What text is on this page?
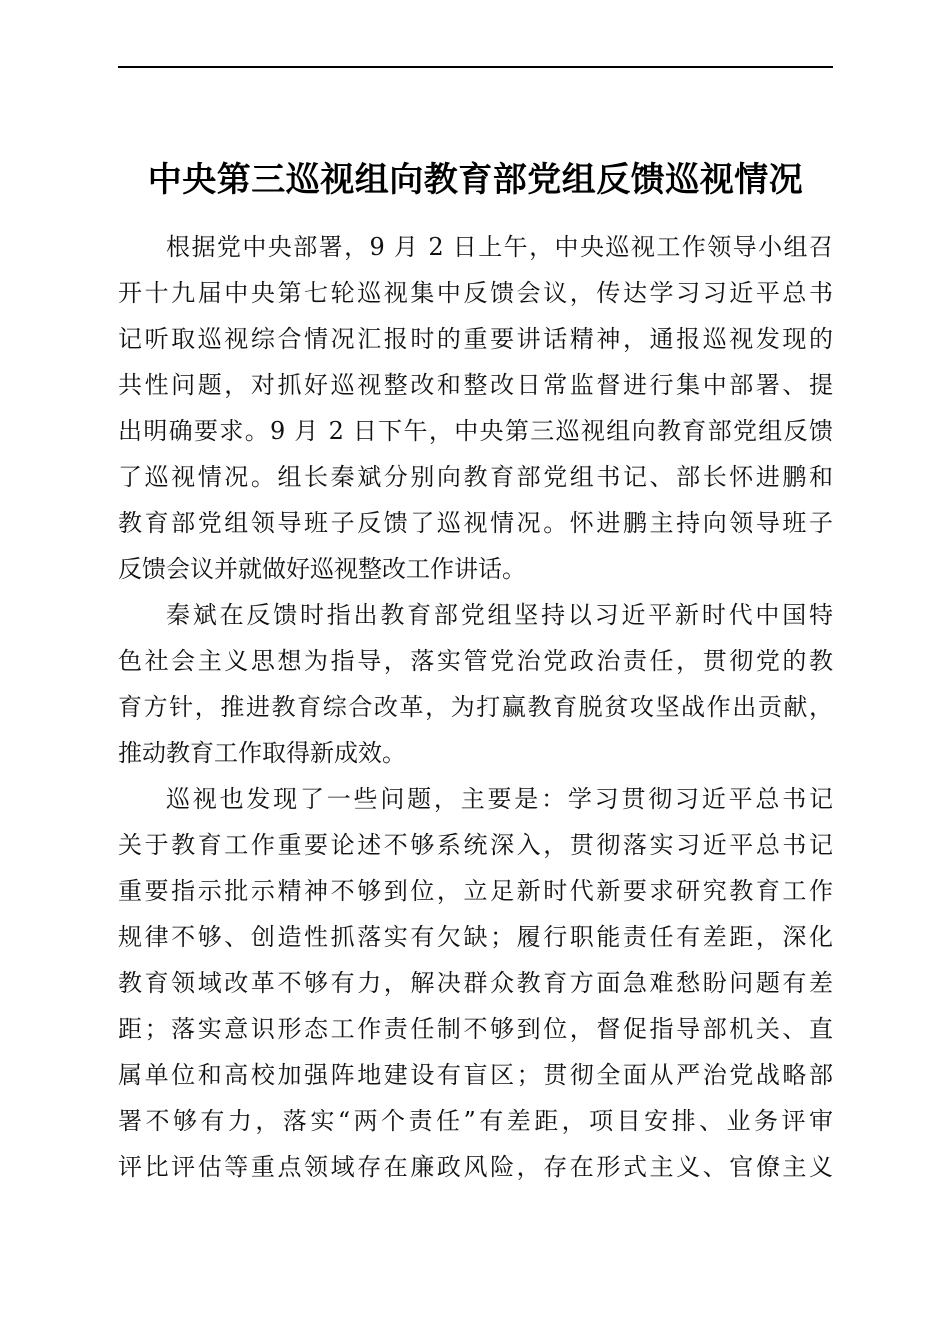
中央第三巡视组向教育部党组反馈巡视情况
根据党中央部署，9 月 2 日上午，中央巡视工作领导小组召
开十九届中央第七轮巡视集中反馈会议，传达学习习近平总书
记听取巡视综合情况汇报时的重要讲话精神，通报巡视发现的
共性问题，对抓好巡视整改和整改日常监督进行集中部署、提
出明确要求。9 月 2 日下午，中央第三巡视组向教育部党组反馈
了巡视情况。组长秦斌分别向教育部党组书记、部长怀进鹏和
教育部党组领导班子反馈了巡视情况。怀进鹏主持向领导班子
反馈会议并就做好巡视整改工作讲话。
秦斌在反馈时指出教育部党组坚持以习近平新时代中国特
色社会主义思想为指导，落实管党治党政治责任，贯彻党的教
育方针，推进教育综合改革，为打赢教育脱贫攻坚战作出贡献，
推动教育工作取得新成效。
巡视也发现了一些问题，主要是：学习贯彻习近平总书记
关于教育工作重要论述不够系统深入，贯彻落实习近平总书记
重要指示批示精神不够到位，立足新时代新要求研究教育工作
规律不够、创造性抓落实有欠缺；履行职能责任有差距，深化
教育领域改革不够有力，解决群众教育方面急难愁盼问题有差
距；落实意识形态工作责任制不够到位，督促指导部机关、直
属单位和高校加强阵地建设有盲区；贯彻全面从严治党战略部
署不够有力，落实“两个责任”有差距，项目安排、业务评审
评比评估等重点领域存在廉政风险，存在形式主义、官僚主义
